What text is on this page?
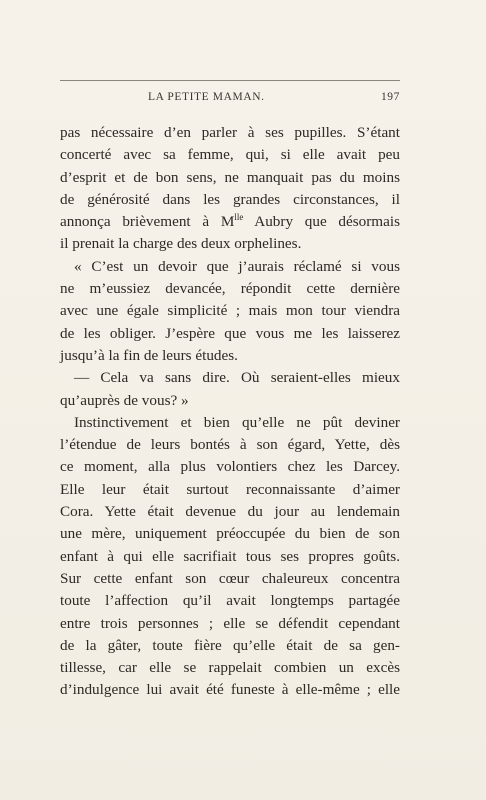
LA PETITE MAMAN.	197
pas nécessaire d’en parler à ses pupilles. S’étant
concerté avec sa femme, qui, si elle avait peu
d’esprit et de bon sens, ne manquait pas du moins
de générosité dans les grandes circonstances, il
annonça brièvement à $M^{lle}$ Aubry que désormais
il prenait la charge des deux orphelines.
« C’est un devoir que j’aurais réclamé si vous
ne m’eussiez devancée, répondit cette dernière
avec une égale simplicité ; mais mon tour viendra
de les obliger. J’espère que vous me les laisserez
jusqu’à la fin de leurs études.
— Cela va sans dire. Où seraient-elles mieux
qu’auprès de vous? »
Instinctivement et bien qu’elle ne pût deviner
l’étendue de leurs bontés à son égard, Yette, dès
ce moment, alla plus volontiers chez les Darcey.
Elle leur était surtout reconnaissante d’aimer
Cora. Yette était devenue du jour au lendemain
une mère, uniquement préoccupée du bien de son
enfant à qui elle sacrifiait tous ses propres goûts.
Sur cette enfant son cœur chaleureux concentra
toute l’affection qu’il avait longtemps partagée
entre trois personnes ; elle se défendit cependant
de la gâter, toute fière qu’elle était de sa gen-
tillesse, car elle se rappelait combien un excès
d’indulgence lui avait été funeste à elle-même ; elle
